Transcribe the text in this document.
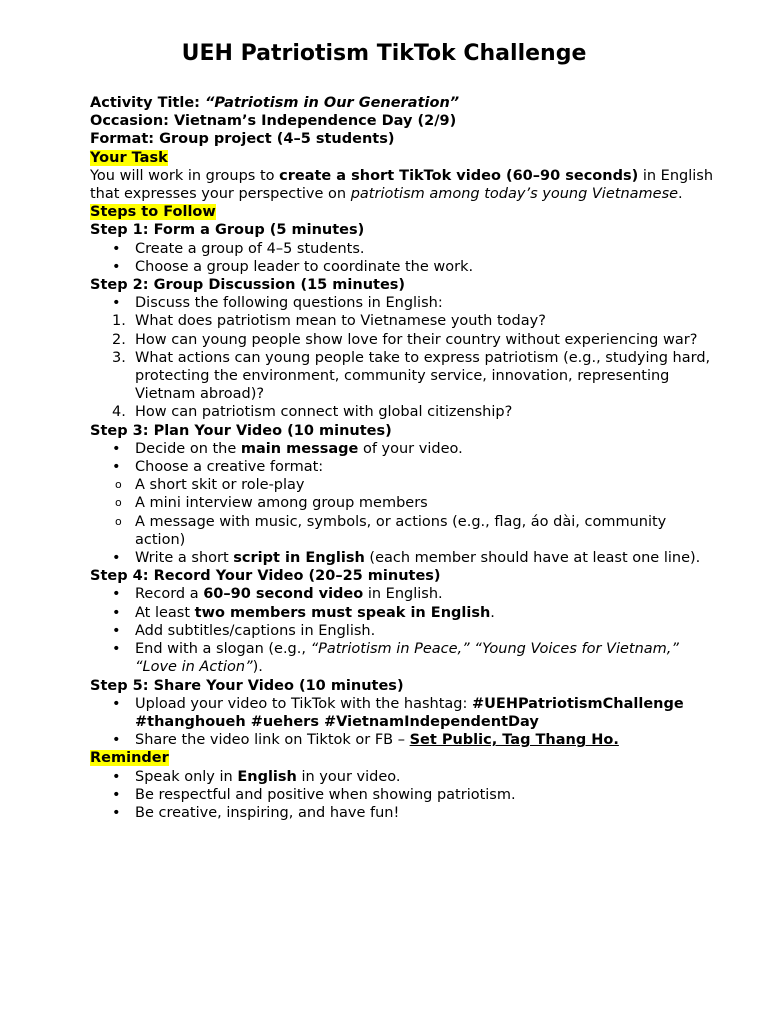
UEH Patriotism TikTok Challenge

Activity Title: “Patriotism in Our Generation”

Occasion: Vietnam’s Independence Day (2/9)

Format: Group project (4–5 students)

Your Task

You will work in groups to create a short TikTok video (60–90 seconds) in English that expresses your perspective on patriotism among today’s young Vietnamese.

Steps to Follow

Step 1: Form a Group (5 minutes)

• Create a group of 4–5 students.
• Choose a group leader to coordinate the work.

Step 2: Group Discussion (15 minutes)

• Discuss the following questions in English:
1. What does patriotism mean to Vietnamese youth today?
2. How can young people show love for their country without experiencing war?
3. What actions can young people take to express patriotism (e.g., studying hard, protecting the environment, community service, innovation, representing Vietnam abroad)?
4. How can patriotism connect with global citizenship?

Step 3: Plan Your Video (10 minutes)

• Decide on the main message of your video.
• Choose a creative format:
o A short skit or role-play
o A mini interview among group members
o A message with music, symbols, or actions (e.g., flag, áo dài, community action)
• Write a short script in English (each member should have at least one line).

Step 4: Record Your Video (20–25 minutes)

• Record a 60–90 second video in English.
• At least two members must speak in English.
• Add subtitles/captions in English.
• End with a slogan (e.g., “Patriotism in Peace,” “Young Voices for Vietnam,” “Love in Action”).

Step 5: Share Your Video (10 minutes)

• Upload your video to TikTok with the hashtag: #UEHPatriotismChallenge #thanghoueh #uehers #VietnamIndependentDay
• Share the video link on Tiktok or FB – Set Public, Tag Thang Ho.

Reminder

• Speak only in English in your video.
• Be respectful and positive when showing patriotism.
• Be creative, inspiring, and have fun!
